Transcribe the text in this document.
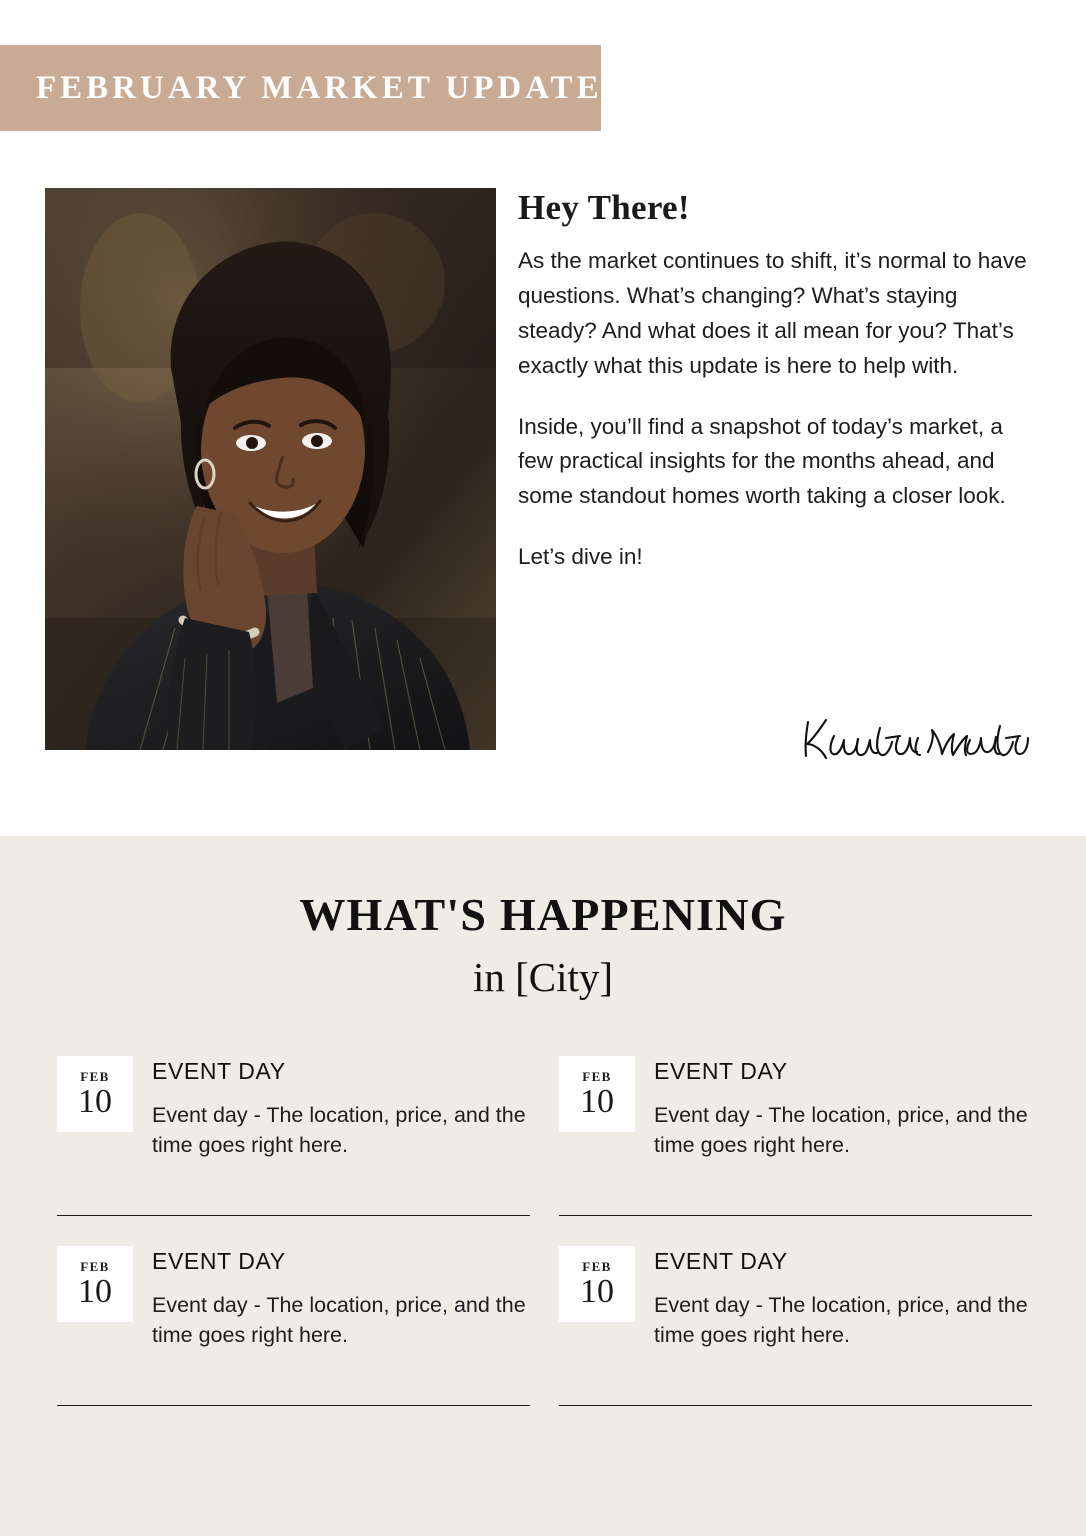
FEBRUARY MARKET UPDATE
Hey There!

As the market continues to shift, it’s normal to have questions. What’s changing? What’s staying steady? And what does it all mean for you? That’s exactly what this update is here to help with.

Inside, you’ll find a snapshot of today’s market, a few practical insights for the months ahead, and some standout homes worth taking a closer look.

Let’s dive in!

WHAT'S HAPPENING
in [City]
FEB
10
EVENT DAY

Event day - The location, price, and the time goes right here.

FEB
10
EVENT DAY

Event day - The location, price, and the time goes right here.

FEB
10
EVENT DAY

Event day - The location, price, and the time goes right here.

FEB
10
EVENT DAY

Event day - The location, price, and the time goes right here.
